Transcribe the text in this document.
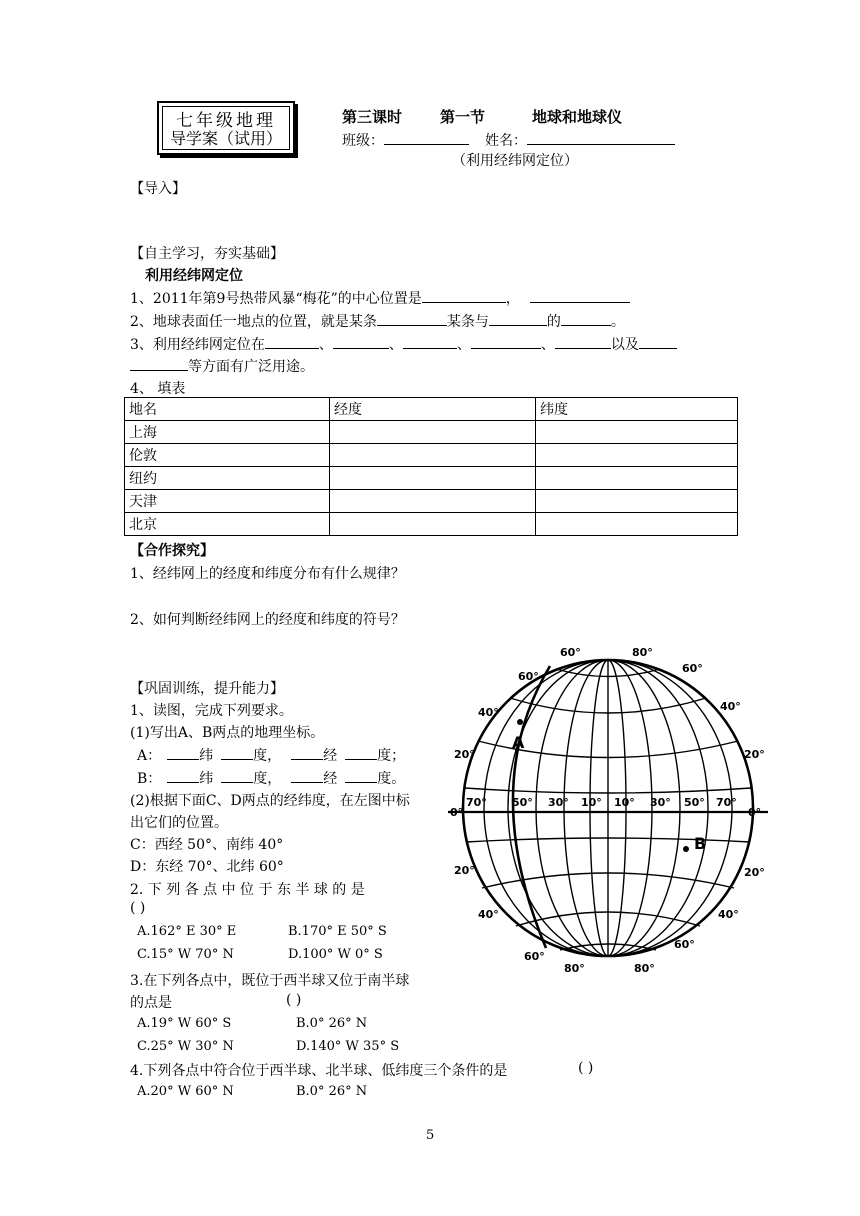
七年级地理
导学案（试用）
第三课时	第一节	地球和地球仪
班级：	姓名：
（利用经纬网定位）
【导入】
【自主学习，夯实基础】
利用经纬网定位
1、2011年第9号热带风暴“梅花”的中心位置是	，
2、地球表面任一地点的位置，就是某条	某条与	的	。
3、利用经纬网定位在	、	、	、	、	以及
等方面有广泛用途。
4、 填表
地名	经度	纬度
上海		
伦敦		
纽约		
天津		
北京		
【合作探究】
1、经纬网上的经度和纬度分布有什么规律？
2、如何判断经纬网上的经度和纬度的符号？
【巩固训练，提升能力】
1、读图，完成下列要求。
(1)写出A、B两点的地理坐标。
A：	纬	度，	经	度；
B：	纬	度，	经	度。
(2)根据下面C、D两点的经纬度，在左图中标
出它们的位置。
C：西经 50°、南纬 40°
D：东经 70°、北纬 60°
2. 下 列 各 点 中 位 于 东 半 球 的 是
( )
A.162° E 30° E	B.170° E 50° S
C.15° W 70° N	D.100° W 0° S
3.在下列各点中，既位于西半球又位于南半球
的点是	( )
A.19° W 60° S	B.0° 26° N
C.25° W 30° N	D.140° W 35° S
4.下列各点中符合位于西半球、北半球、低纬度三个条件的是	( )
A.20° W 60° N	B.0° 26° N
A
B
70° 50° 30° 10° 10° 30° 50° 70°
60°
40°
20°
0°
20°
40°
60°
60°
40°
20°
0°
20°
40°
60°
60°	80°
80°	80°
5
